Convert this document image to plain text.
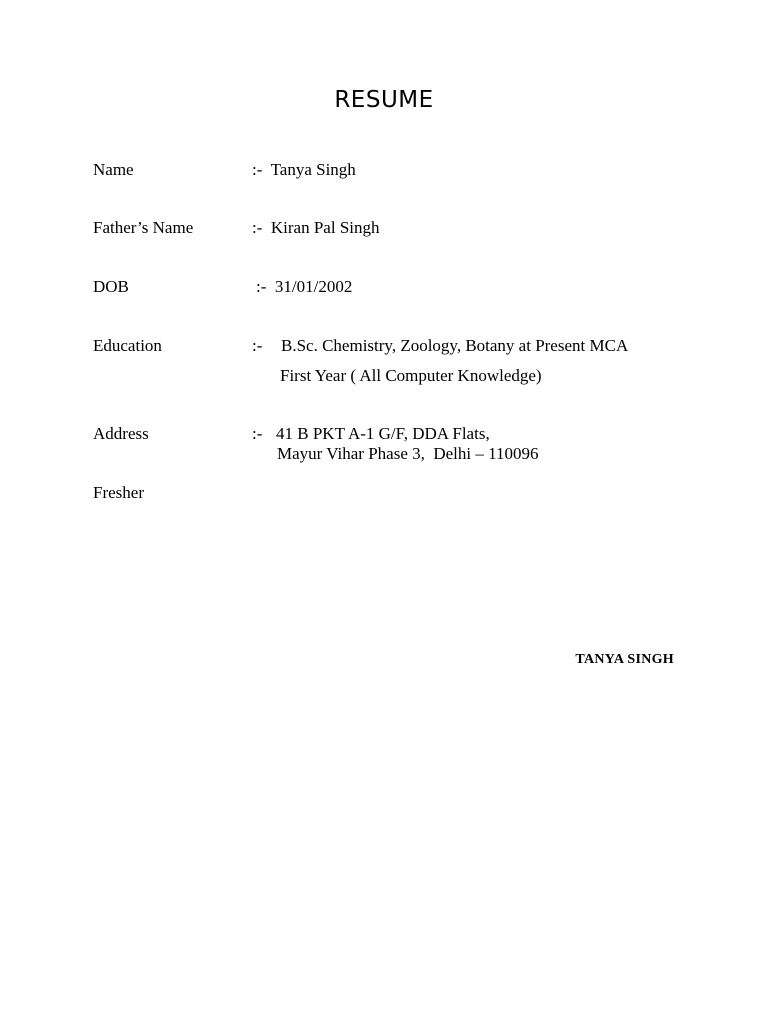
RESUME
Name	:- Tanya Singh
Father’s Name	:- Kiran Pal Singh
DOB	:- 31/01/2002
Education	:- B.Sc. Chemistry, Zoology, Botany at Present MCA
First Year ( All Computer Knowledge)
Address	:- 41 B PKT A-1 G/F, DDA Flats,
Mayur Vihar Phase 3,  Delhi – 110096
Fresher
TANYA SINGH
